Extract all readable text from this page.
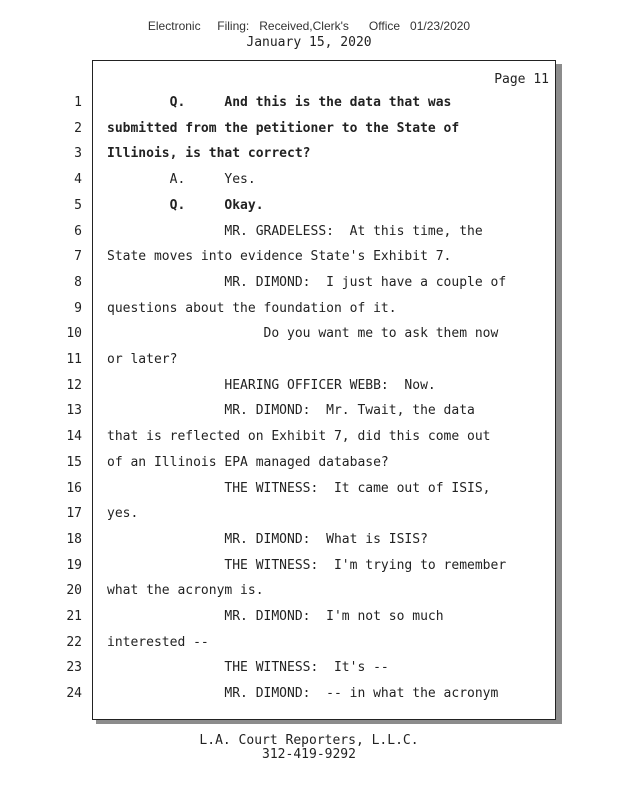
Electronic     Filing:   Received,Clerk's      Office   01/23/2020
January 15, 2020
Page 11
1 Q.     And this is the data that was
2 submitted from the petitioner to the State of
3 Illinois, is that correct?
4 A.     Yes.
5 Q.     Okay.
6 MR. GRADELESS:  At this time, the
7 State moves into evidence State's Exhibit 7.
8 MR. DIMOND:  I just have a couple of
9 questions about the foundation of it.
10 Do you want me to ask them now
11 or later?
12 HEARING OFFICER WEBB:  Now.
13 MR. DIMOND:  Mr. Twait, the data
14 that is reflected on Exhibit 7, did this come out
15 of an Illinois EPA managed database?
16 THE WITNESS:  It came out of ISIS,
17 yes.
18 MR. DIMOND:  What is ISIS?
19 THE WITNESS:  I'm trying to remember
20 what the acronym is.
21 MR. DIMOND:  I'm not so much
22 interested --
23 THE WITNESS:  It's --
24 MR. DIMOND:  -- in what the acronym
L.A. Court Reporters, L.L.C.
312-419-9292
